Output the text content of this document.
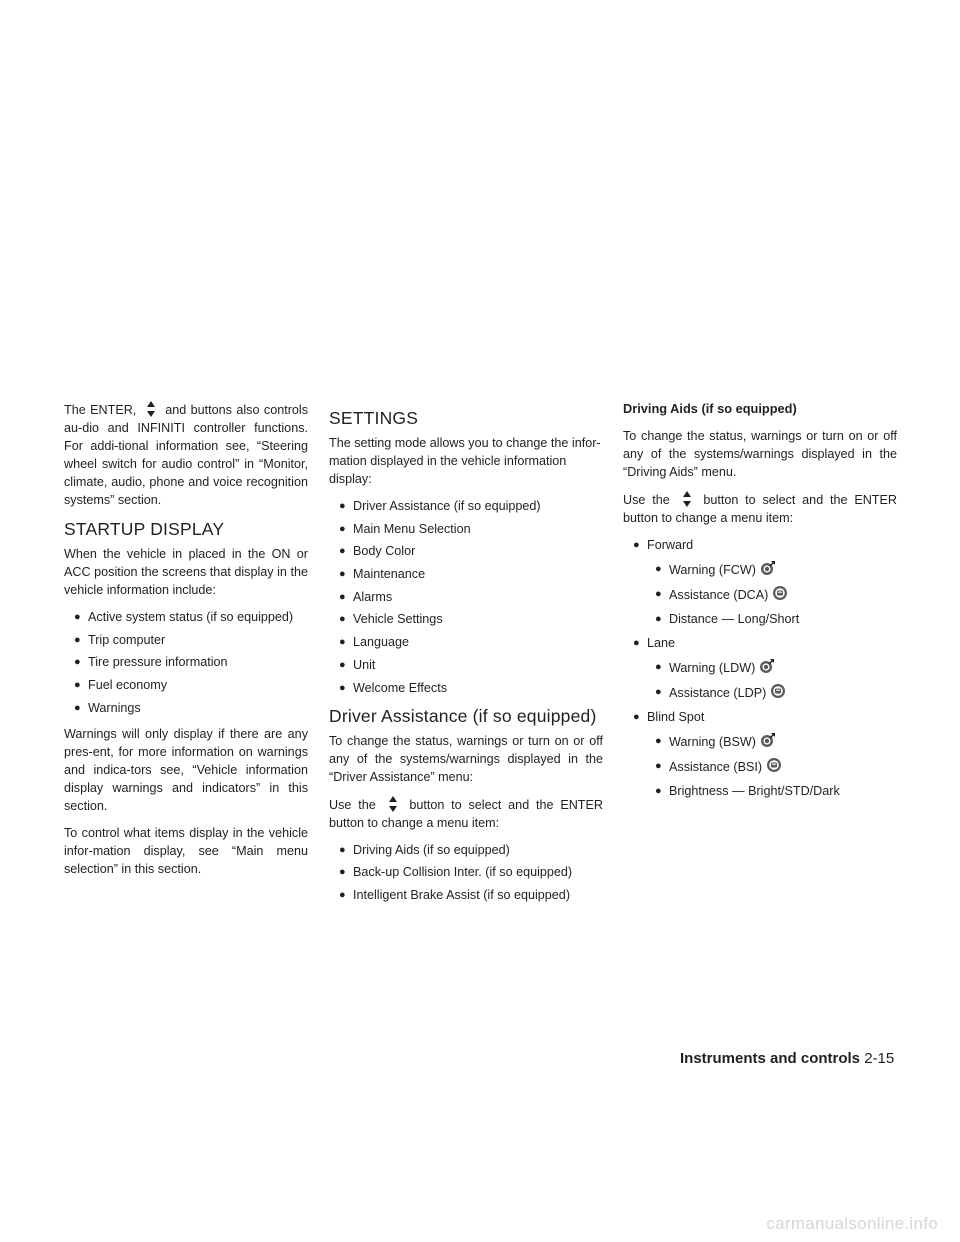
The ENTER, and buttons also controls au-dio and INFINITI controller functions. For addi-tional information see, “Steering wheel switch for audio control” in “Monitor, climate, audio, phone and voice recognition systems” section.

STARTUP DISPLAY

When the vehicle in placed in the ON or ACC position the screens that display in the vehicle information include:

● Active system status (if so equipped)
● Trip computer
● Tire pressure information
● Fuel economy
● Warnings

Warnings will only display if there are any pres-ent, for more information on warnings and indica-tors see, “Vehicle information display warnings and indicators” in this section.

To control what items display in the vehicle infor-mation display, see “Main menu selection” in this section.

SETTINGS

The setting mode allows you to change the infor-mation displayed in the vehicle information display:

● Driver Assistance (if so equipped)
● Main Menu Selection
● Body Color
● Maintenance
● Alarms
● Vehicle Settings
● Language
● Unit
● Welcome Effects
Driver Assistance (if so equipped)

To change the status, warnings or turn on or off any of the systems/warnings displayed in the “Driver Assistance” menu:

Use the	button to select and the ENTER button to change a menu item:

● Driving Aids (if so equipped)
● Back-up Collision Inter. (if so equipped)
● Intelligent Brake Assist (if so equipped)
Driving Aids (if so equipped)

To change the status, warnings or turn on or off any of the systems/warnings displayed in the “Driving Aids” menu.

Use the	button to select and the ENTER button to change a menu item:

● Forward
● Warning (FCW)
● Assistance (DCA)
● Distance — Long/Short
● Lane
● Warning (LDW)
● Assistance (LDP)
● Blind Spot
● Warning (BSW)
● Assistance (BSI)
● Brightness — Bright/STD/Dark
Instruments and controls 2-15
carmanualsonline.info
